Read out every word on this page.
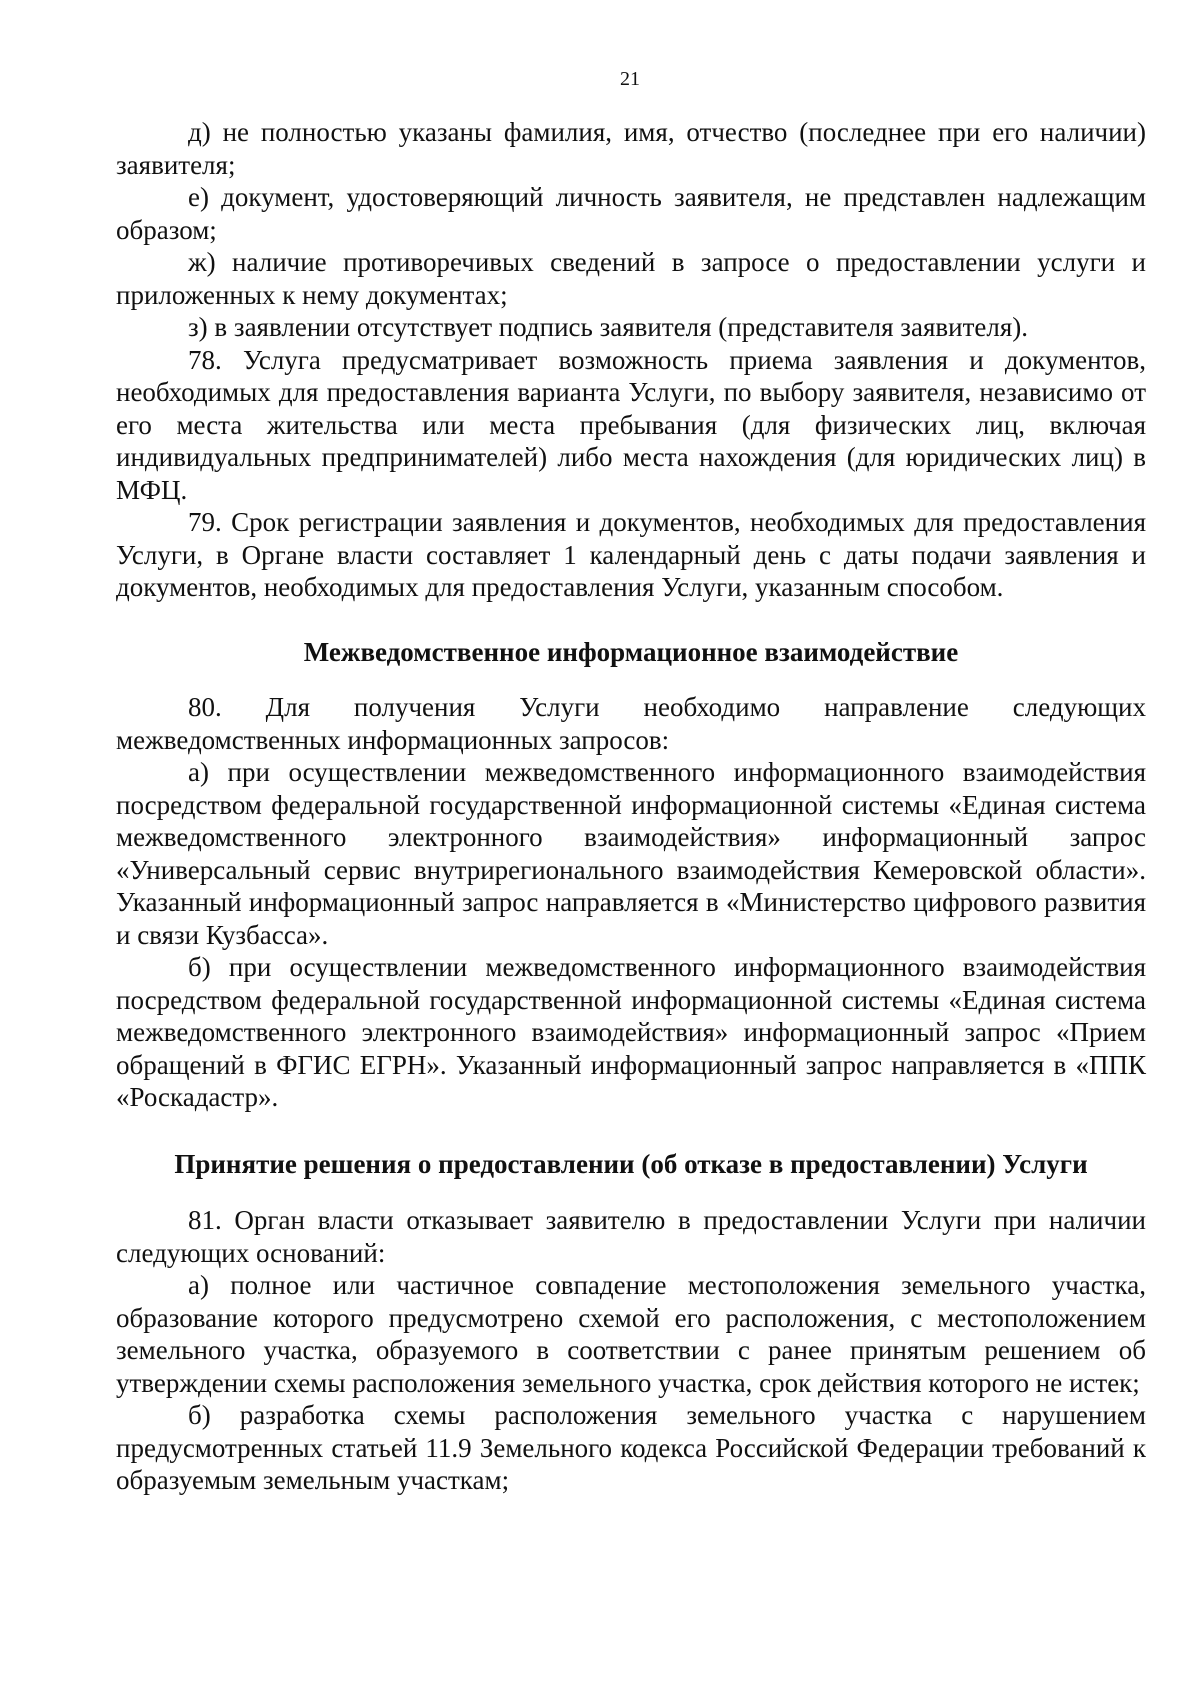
21

д) не полностью указаны фамилия, имя, отчество (последнее при его наличии) заявителя;

е) документ, удостоверяющий личность заявителя, не представлен надлежащим образом;

ж) наличие противоречивых сведений в запросе о предоставлении услуги и приложенных к нему документах;

з) в заявлении отсутствует подпись заявителя (представителя заявителя).

78. Услуга предусматривает возможность приема заявления и документов, необходимых для предоставления варианта Услуги, по выбору заявителя, независимо от его места жительства или места пребывания (для физических лиц, включая индивидуальных предпринимателей) либо места нахождения (для юридических лиц) в МФЦ.

79. Срок регистрации заявления и документов, необходимых для предоставления Услуги, в Органе власти составляет 1 календарный день с даты подачи заявления и документов, необходимых для предоставления Услуги, указанным способом.

Межведомственное информационное взаимодействие

80. Для получения Услуги необходимо направление следующих межведомственных информационных запросов:

а) при осуществлении межведомственного информационного взаимодействия посредством федеральной государственной информационной системы «Единая система межведомственного электронного взаимодействия» информационный запрос «Универсальный сервис внутрирегионального взаимодействия Кемеровской области». Указанный информационный запрос направляется в «Министерство цифрового развития и связи Кузбасса».

б) при осуществлении межведомственного информационного взаимодействия посредством федеральной государственной информационной системы «Единая система межведомственного электронного взаимодействия» информационный запрос «Прием обращений в ФГИС ЕГРН». Указанный информационный запрос направляется в «ППК «Роскадастр».

Принятие решения о предоставлении (об отказе в предоставлении) Услуги

81. Орган власти отказывает заявителю в предоставлении Услуги при наличии следующих оснований:

а) полное или частичное совпадение местоположения земельного участка, образование которого предусмотрено схемой его расположения, с местоположением земельного участка, образуемого в соответствии с ранее принятым решением об утверждении схемы расположения земельного участка, срок действия которого не истек;

б) разработка схемы расположения земельного участка с нарушением предусмотренных статьей 11.9 Земельного кодекса Российской Федерации требований к образуемым земельным участкам;
